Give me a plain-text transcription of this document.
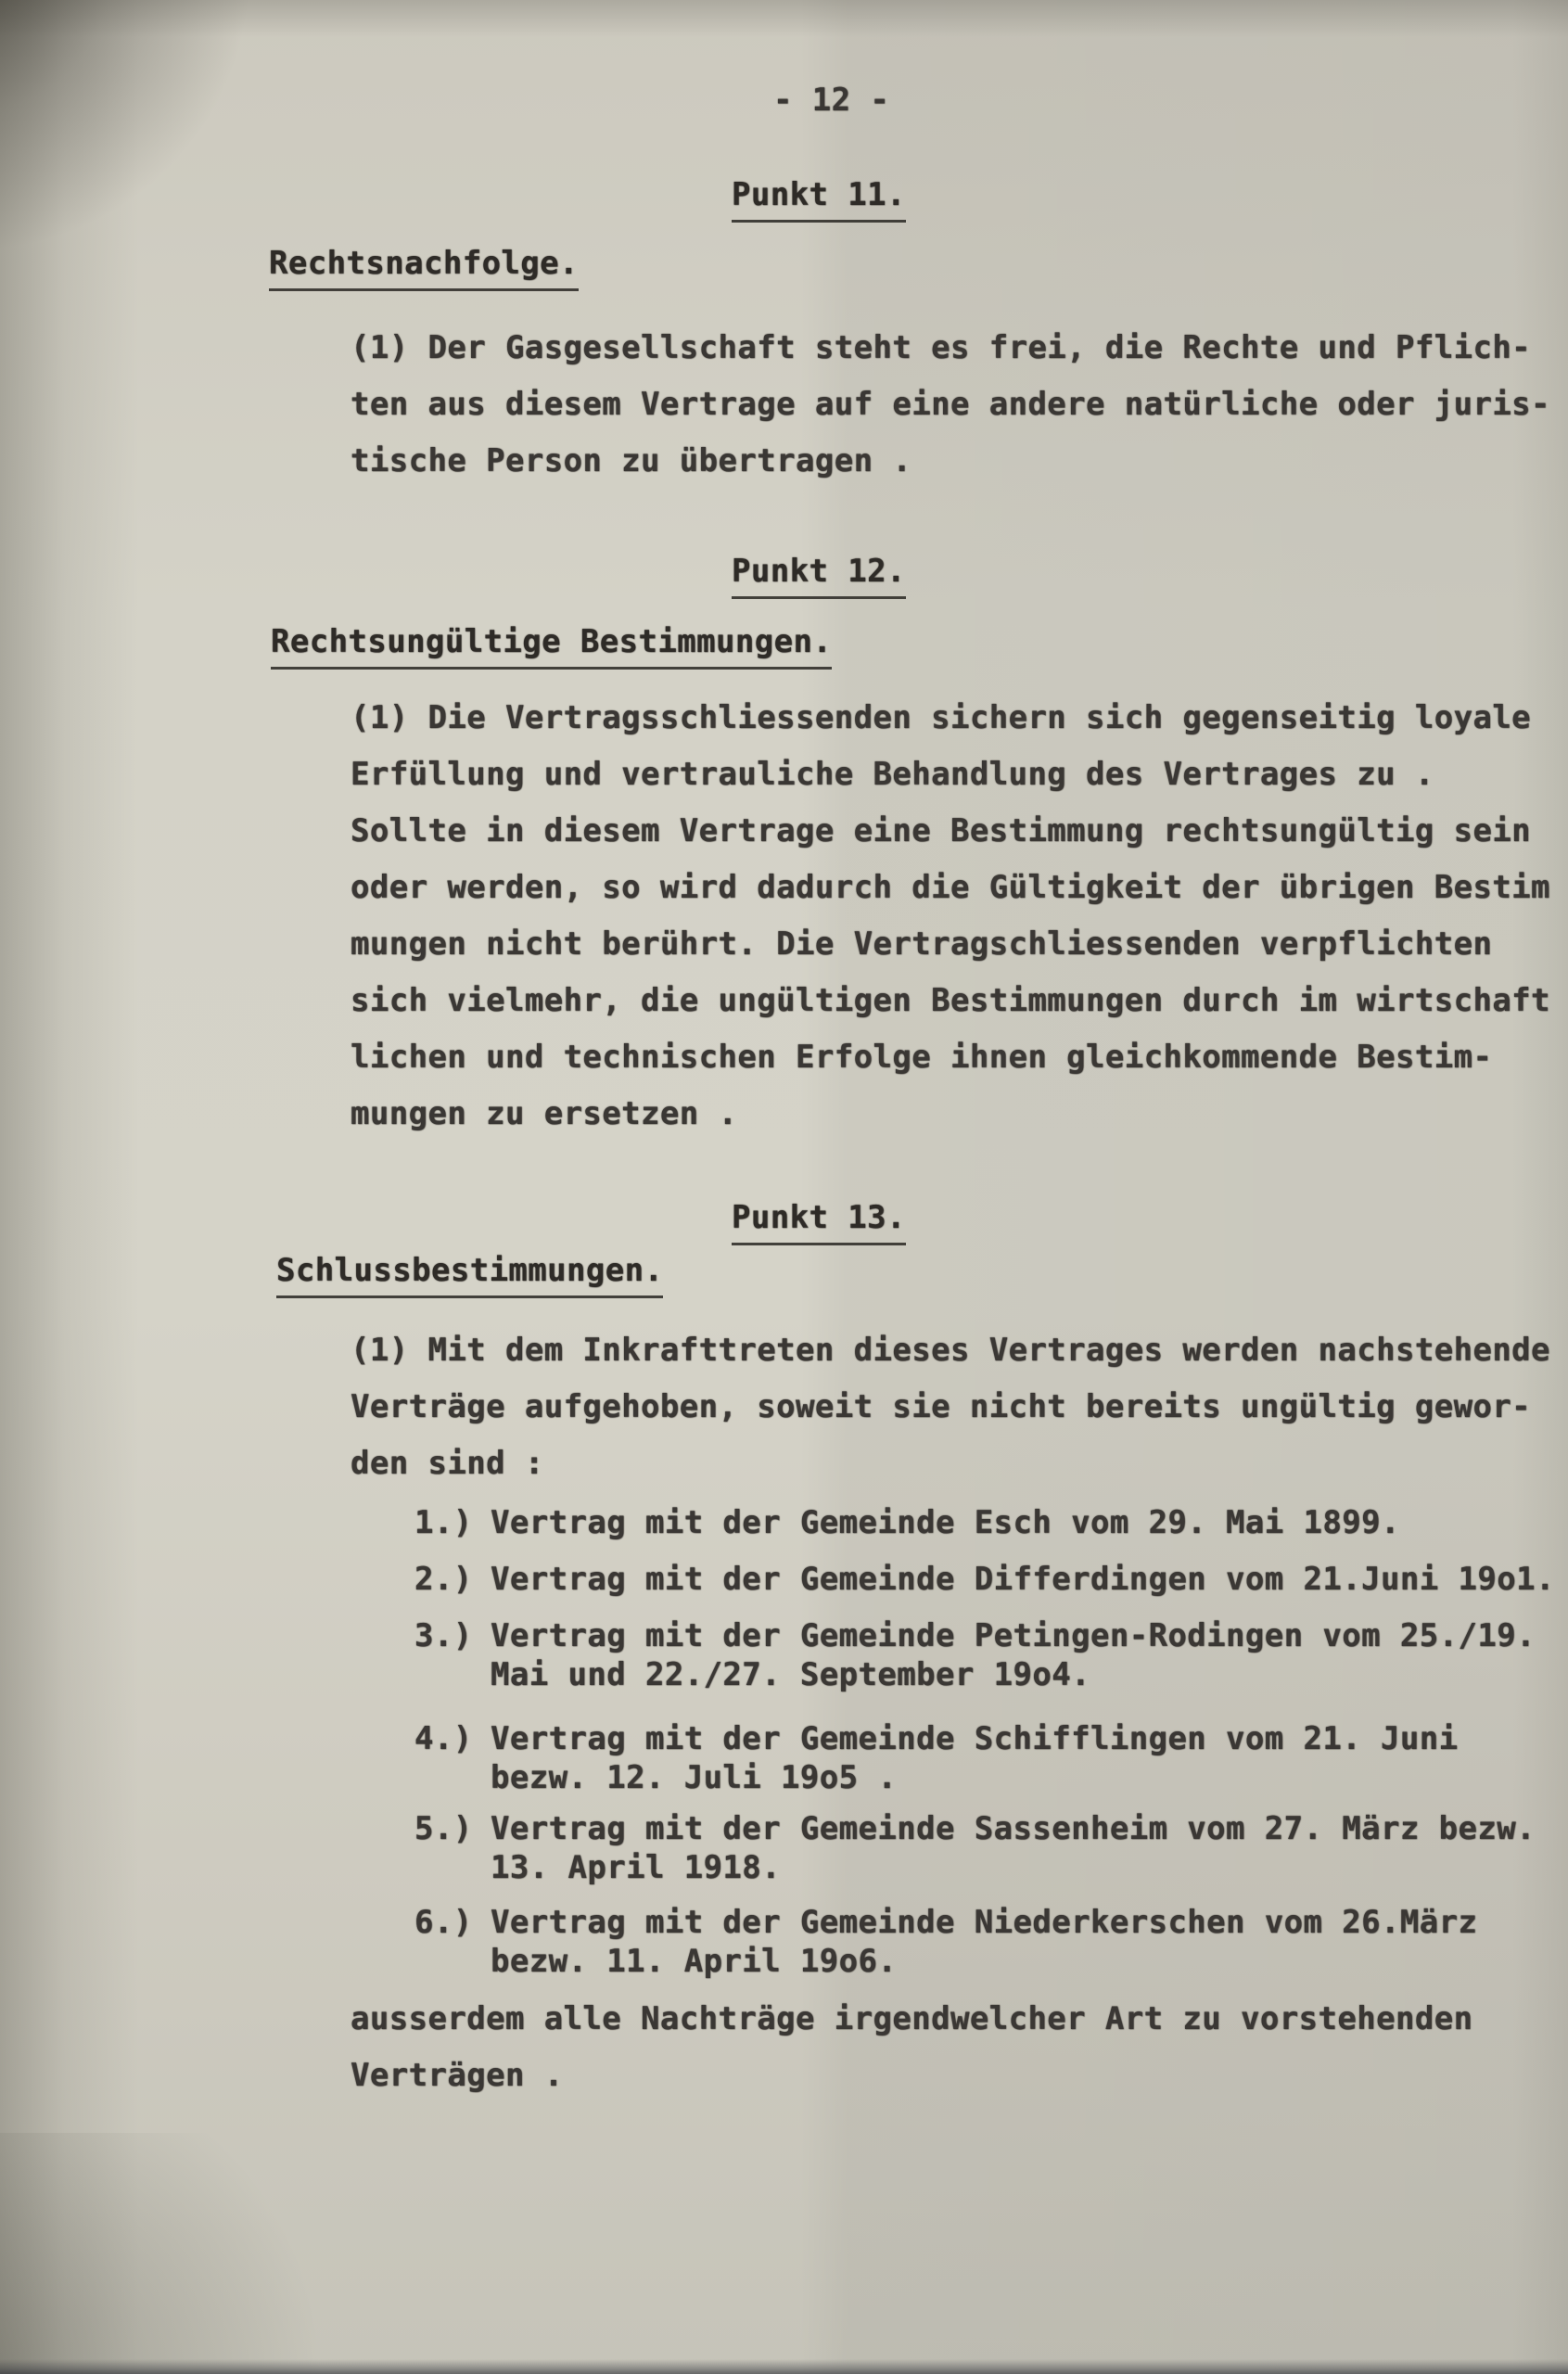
- 12 -
Punkt 11.
Rechtsnachfolge.
(1) Der Gasgesellschaft steht es frei, die Rechte und Pflich-
ten aus diesem Vertrage auf eine andere natürliche oder juris-
tische Person zu übertragen .
Punkt 12.
Rechtsungültige Bestimmungen.
(1) Die Vertragsschliessenden sichern sich gegenseitig loyale
Erfüllung und vertrauliche Behandlung des Vertrages zu .
Sollte in diesem Vertrage eine Bestimmung rechtsungültig sein
oder werden, so wird dadurch die Gültigkeit der übrigen Bestim
mungen nicht berührt. Die Vertragschliessenden verpflichten
sich vielmehr, die ungültigen Bestimmungen durch im wirtschaft
lichen und technischen Erfolge ihnen gleichkommende Bestim-
mungen zu ersetzen .
Punkt 13.
Schlussbestimmungen.
(1) Mit dem Inkrafttreten dieses Vertrages werden nachstehende
Verträge aufgehoben, soweit sie nicht bereits ungültig gewor-
den sind :
1.) Vertrag mit der Gemeinde Esch vom 29. Mai 1899.
2.) Vertrag mit der Gemeinde Differdingen vom 21.Juni 19o1.
3.) Vertrag mit der Gemeinde Petingen-Rodingen vom 25./19.
Mai und 22./27. September 19o4.
4.) Vertrag mit der Gemeinde Schifflingen vom 21. Juni
bezw. 12. Juli 19o5 .
5.) Vertrag mit der Gemeinde Sassenheim vom 27. März bezw.
13. April 1918.
6.) Vertrag mit der Gemeinde Niederkerschen vom 26.März
bezw. 11. April 19o6.
ausserdem alle Nachträge irgendwelcher Art zu vorstehenden
Verträgen .
